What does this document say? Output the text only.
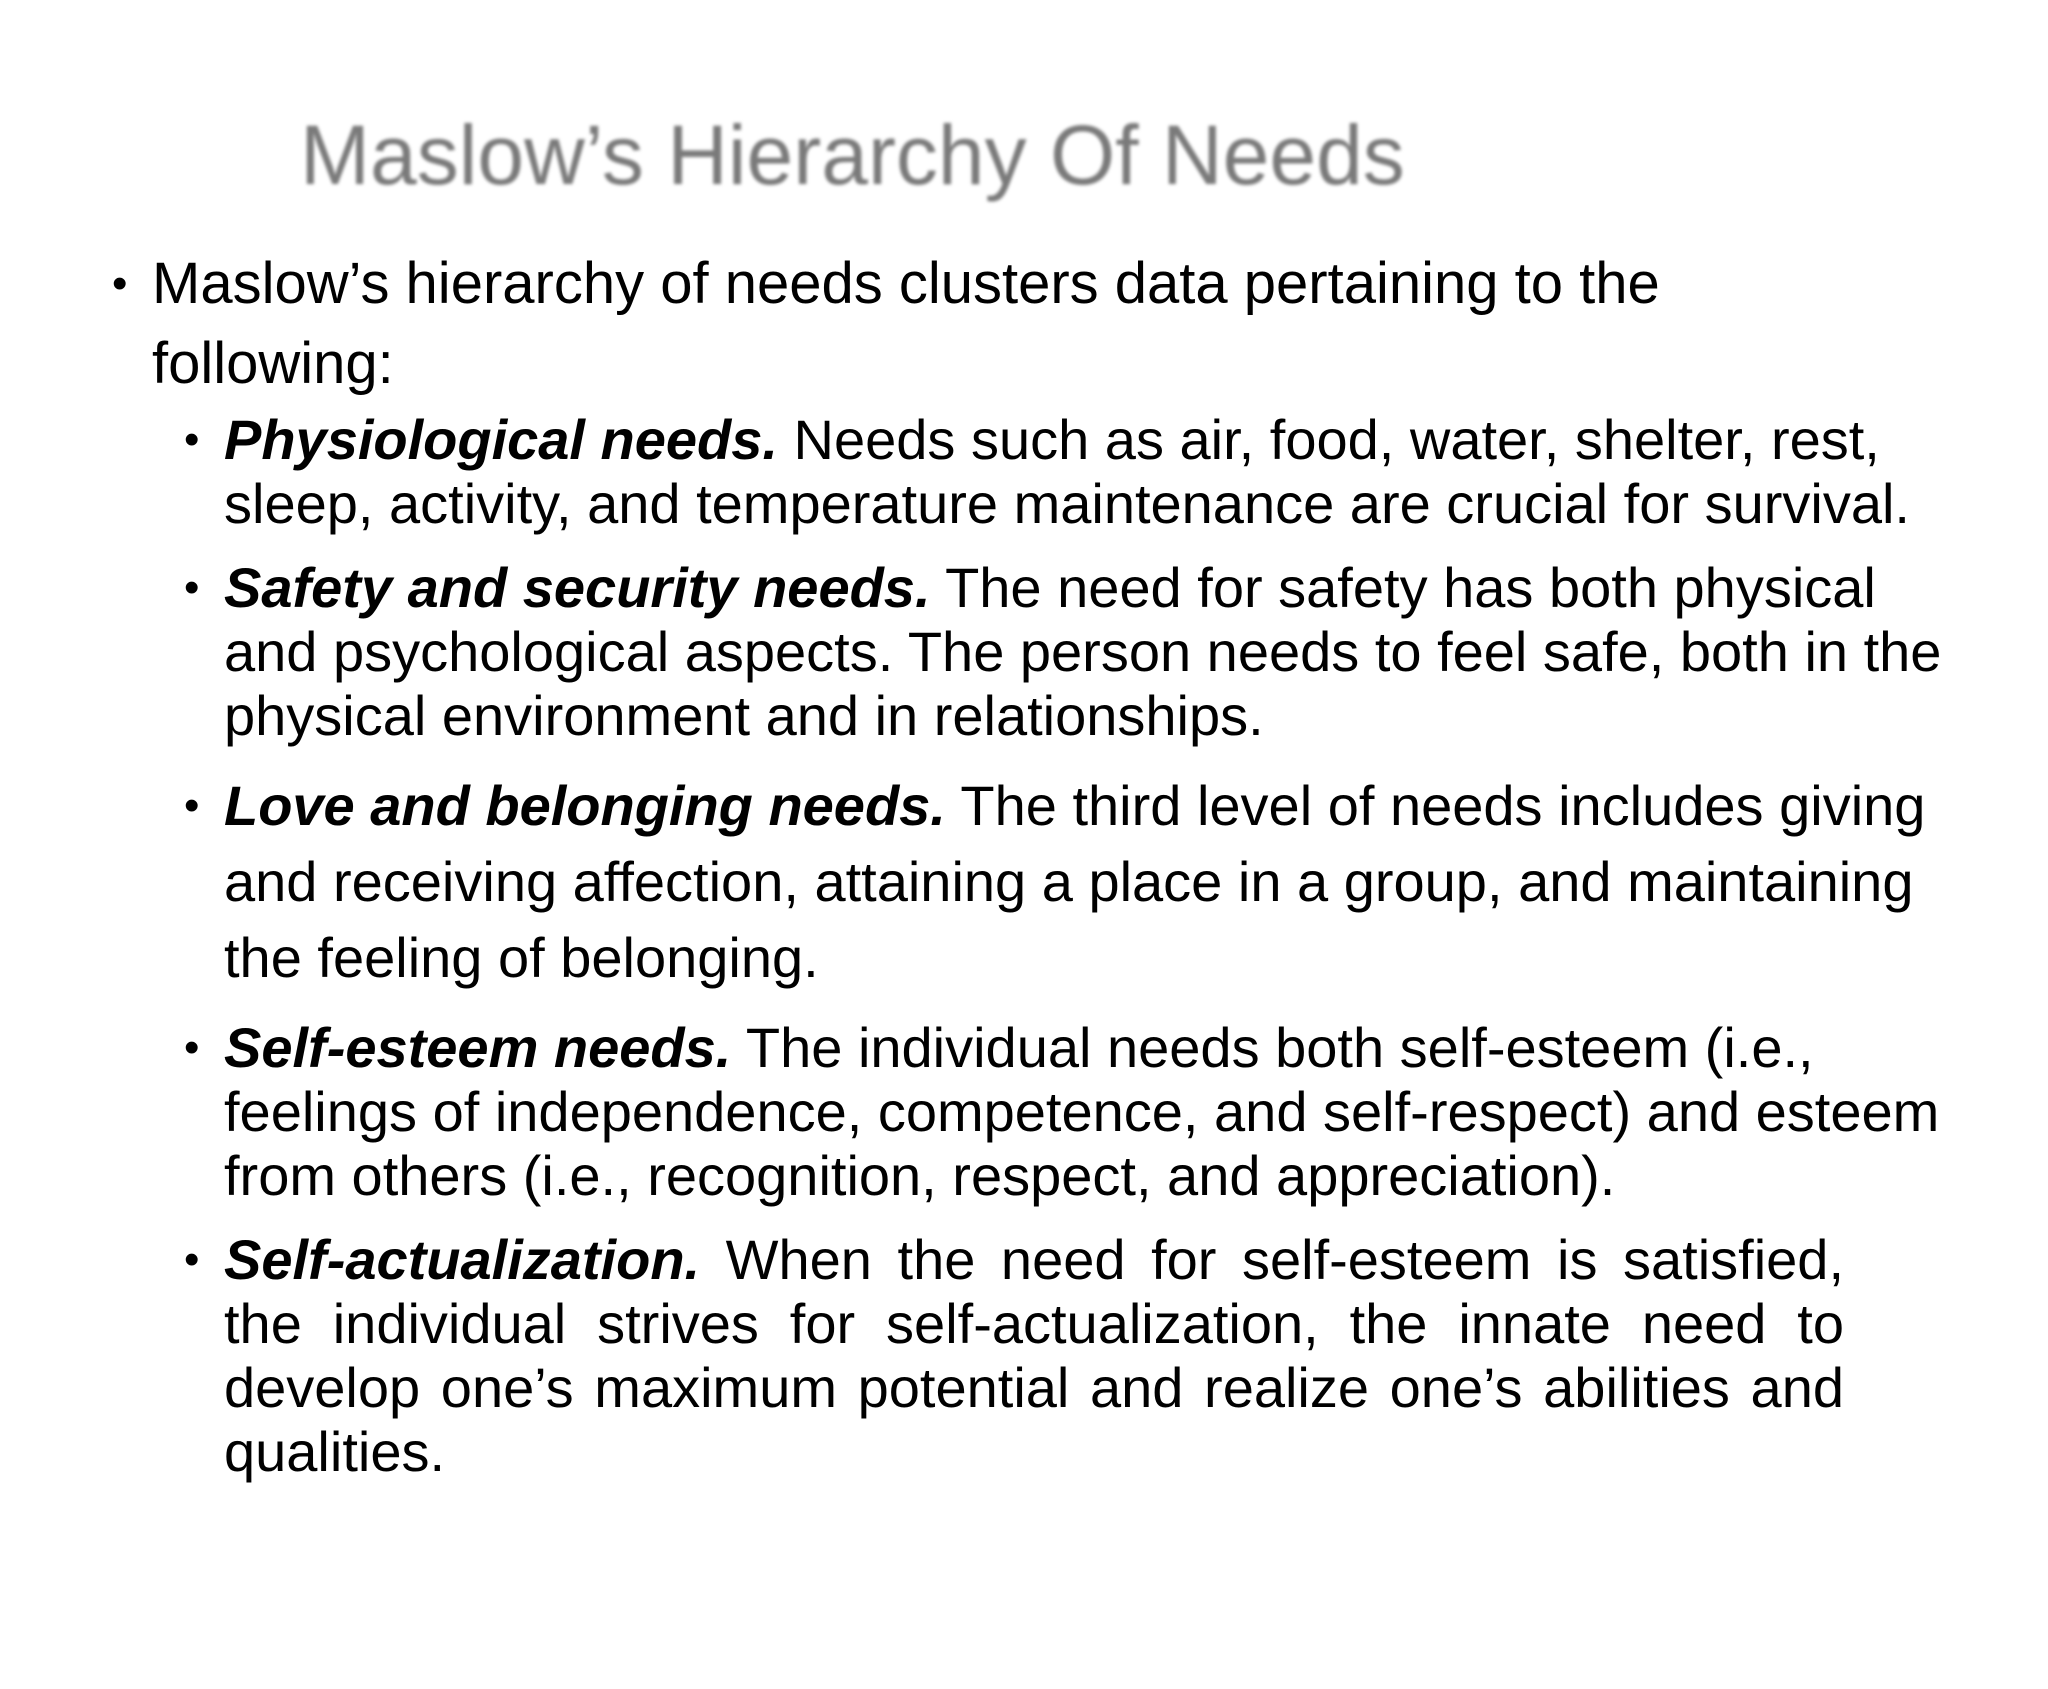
Maslow’s Hierarchy Of Needs
• Maslow’s hierarchy of needs clusters data pertaining to the following:
• Physiological needs. Needs such as air, food, water, shelter, rest, sleep, activity, and temperature maintenance are crucial for survival.
• Safety and security needs. The need for safety has both physical and psychological aspects. The person needs to feel safe, both in the physical environment and in relationships.
• Love and belonging needs. The third level of needs includes giving and receiving affection, attaining a place in a group, and maintaining the feeling of belonging.
• Self-esteem needs. The individual needs both self-esteem (i.e., feelings of independence, competence, and self-respect) and esteem from others (i.e., recognition, respect, and appreciation).
• Self-actualization. When the need for self-esteem is satisfied, the individual strives for self-actualization, the innate need to develop one’s maximum potential and realize one’s abilities and qualities.
